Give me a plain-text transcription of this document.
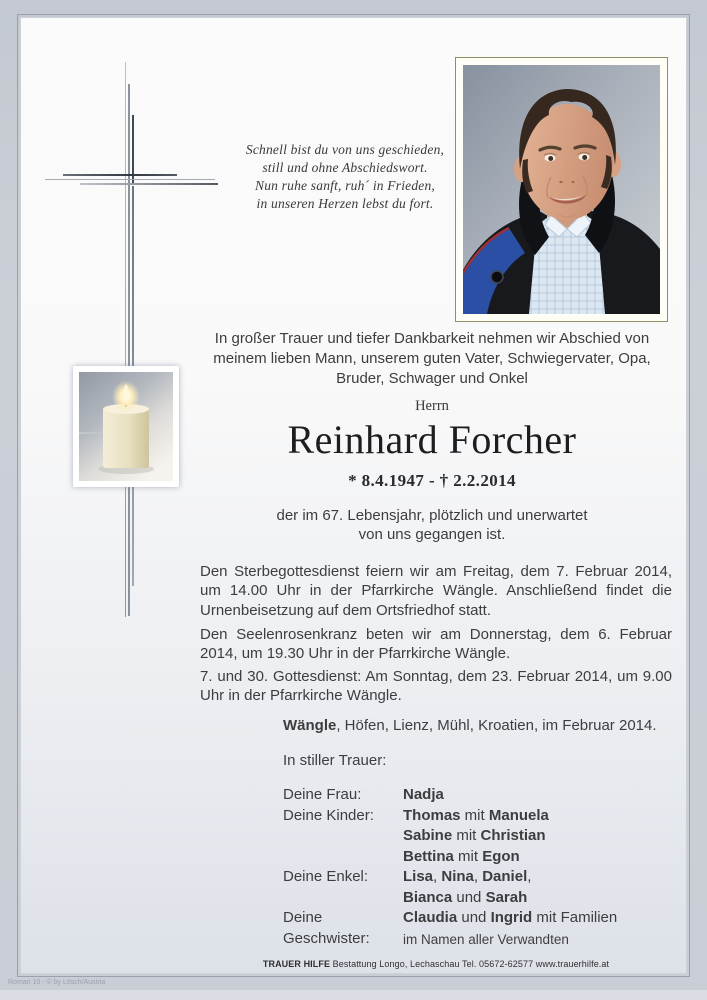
Schnell bist du von uns geschieden,
still und ohne Abschiedswort.
Nun ruhe sanft, ruh´ in Frieden,
in unseren Herzen lebst du fort.
In großer Trauer und tiefer Dankbarkeit nehmen wir Abschied von meinem lieben Mann, unserem guten Vater, Schwiegervater, Opa, Bruder, Schwager und Onkel
Herrn
Reinhard Forcher
* 8.4.1947 - † 2.2.2014
der im 67. Lebensjahr, plötzlich und unerwartet
von uns gegangen ist.
Den Sterbegottesdienst feiern wir am Freitag, dem 7. Februar 2014, um 14.00 Uhr in der Pfarrkirche Wängle. Anschließend findet die Urnenbeisetzung auf dem Ortsfriedhof statt.
Den Seelenrosenkranz beten wir am Donnerstag, dem 6. Februar 2014, um 19.30 Uhr in der Pfarrkirche Wängle.
7. und 30. Gottesdienst: Am Sonntag, dem 23. Februar 2014, um 9.00 Uhr in der Pfarrkirche Wängle.
Wängle, Höfen, Lienz, Mühl, Kroatien, im Februar 2014.
In stiller Trauer:
Deine Frau:	Nadja
Deine Kinder:	Thomas mit Manuela
Sabine mit Christian
Bettina mit Egon
Deine Enkel:	Lisa, Nina, Daniel,
Bianca und Sarah
Deine Geschwister:
Claudia und Ingrid mit Familien
im Namen aller Verwandten
TRAUER HILFE Bestattung Longo, Lechaschau Tel. 05672-62577 www.trauerhilfe.at
Roman 10 - © by Lösch/Austria
